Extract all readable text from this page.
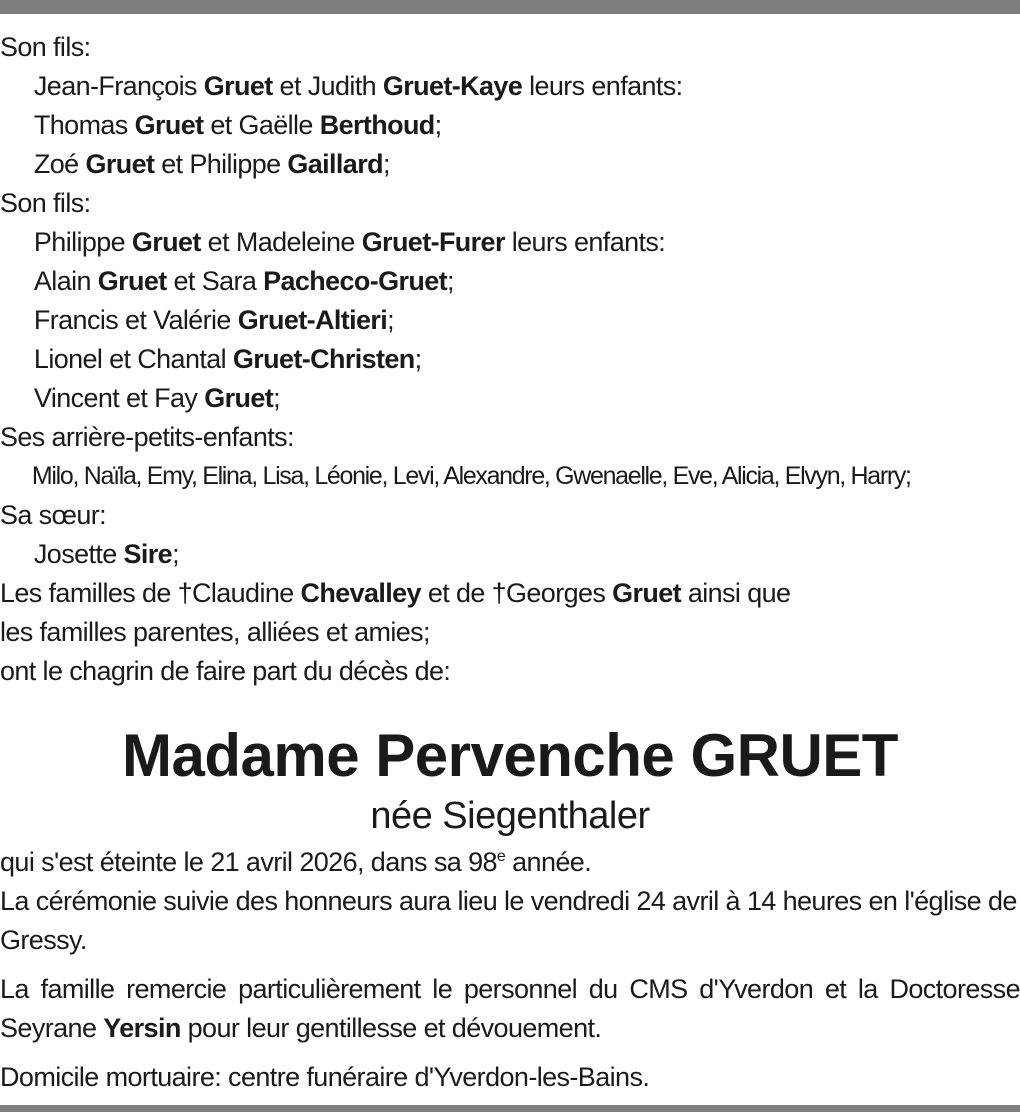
Son fils:
Jean-François Gruet et Judith Gruet-Kaye leurs enfants:
Thomas Gruet et Gaëlle Berthoud;
Zoé Gruet et Philippe Gaillard;
Son fils:
Philippe Gruet et Madeleine Gruet-Furer leurs enfants:
Alain Gruet et Sara Pacheco-Gruet;
Francis et Valérie Gruet-Altieri;
Lionel et Chantal Gruet-Christen;
Vincent et Fay Gruet;
Ses arrière-petits-enfants:
Milo, Naïla, Emy, Elina, Lisa, Léonie, Levi, Alexandre, Gwenaelle, Eve, Alicia, Elvyn, Harry;
Sa sœur:
Josette Sire;
Les familles de †Claudine Chevalley et de †Georges Gruet ainsi que
les familles parentes, alliées et amies;
ont le chagrin de faire part du décès de:
Madame Pervenche GRUET
née Siegenthaler
qui s'est éteinte le 21 avril 2026, dans sa 98e année.
La cérémonie suivie des honneurs aura lieu le vendredi 24 avril à 14 heures en l'église de Gressy.
La famille remercie particulièrement le personnel du CMS d'Yverdon et la Doctoresse Seyrane Yersin pour leur gentillesse et dévouement.
Domicile mortuaire: centre funéraire d'Yverdon-les-Bains.
